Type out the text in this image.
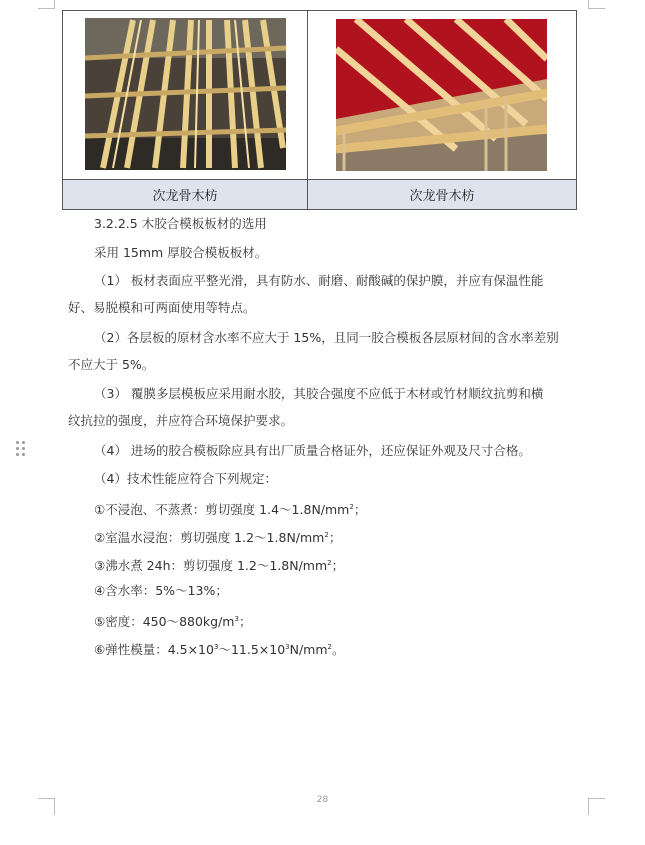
次龙骨木枋	次龙骨木枋
3.2.2.5 木胶合模板板材的选用
采用 15mm 厚胶合模板板材。
（1） 板材表面应平整光滑，具有防水、耐磨、耐酸碱的保护膜，并应有保温性能
好、易脱模和可两面使用等特点。
（2）各层板的原材含水率不应大于 15%，且同一胶合模板各层原材间的含水率差别
不应大于 5%。
（3） 覆膜多层模板应采用耐水胶，其胶合强度不应低于木材或竹材顺纹抗剪和横
纹抗拉的强度，并应符合环境保护要求。
（4） 进场的胶合模板除应具有出厂质量合格证外，还应保证外观及尺寸合格。
（4）技术性能应符合下列规定：
①不浸泡、不蒸煮：剪切强度 $1.4\sim 1.8N/mm^2$；
②室温水浸泡：剪切强度 $1.2\sim 1.8N/mm^2$；
③沸水煮 24h：剪切强度 $1.2\sim 1.8N/mm^2$；
④含水率：5%～13%；
⑤密度：$450\sim 880kg/m^3$；
⑥弹性模量：$4.5\times 10^3\sim 11.5\times 10^3N/mm^2$。
28
